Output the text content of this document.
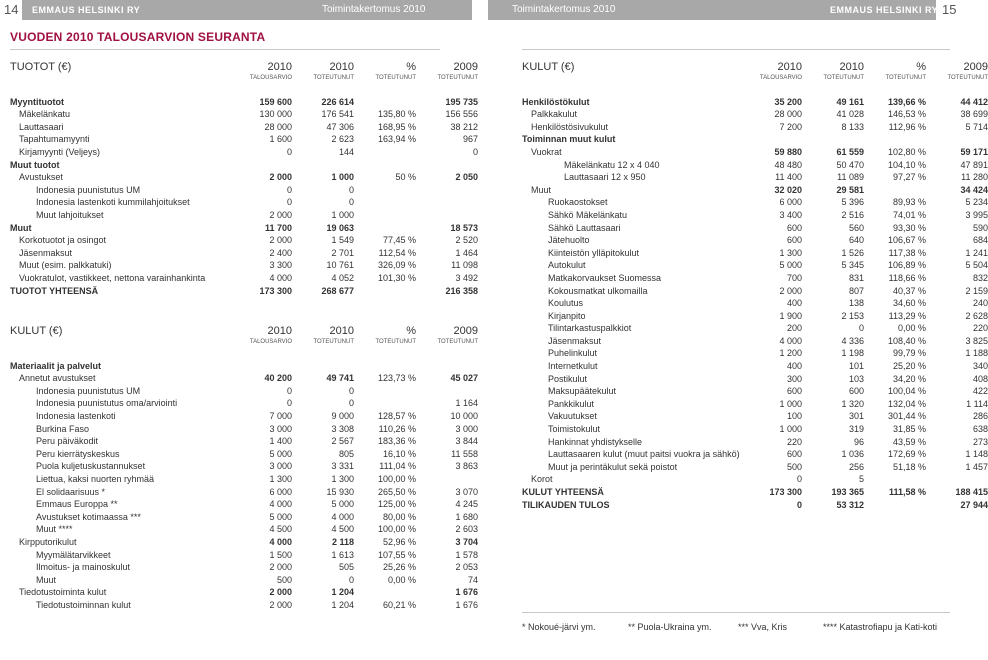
14 EMMAUS HELSINKI RY	Toimintakertomus 2010	Toimintakertomus 2010	EMMAUS HELSINKI RY 15
VUODEN 2010 TALOUSARVION SEURANTA
TUOTOT (€)	2010	2010	%	2009
	TALOUSARVIO	TOTEUTUNUT	TOTEUTUNUT	TOTEUTUNUT

Myyntituotot	159 600	226 614		195 735
Mäkelänkatu	130 000	176 541	135,80 %	156 556
Lauttasaari	28 000	47 306	168,95 %	38 212
Tapahtumamyynti	1 600	2 623	163,94 %	967
Kirjamyynti (Veljeys)	0	144		0
Muut tuotot				
Avustukset	2 000	1 000	50 %	2 050
Indonesia puunistutus UM	0	0		
Indonesia lastenkoti kummilahjoitukset	0	0		
Muut lahjoitukset	2 000	1 000		
Muut	11 700	19 063		18 573
Korkotuotot ja osingot	2 000	1 549	77,45 %	2 520
Jäsenmaksut	2 400	2 701	112,54 %	1 464
Muut (esim. palkkatuki)	3 300	10 761	326,09 %	11 098
Vuokratulot, vastikkeet, nettona varainhankinta	4 000	4 052	101,30 %	3 492
TUOTOT YHTEENSÄ	173 300	268 677		216 358
KULUT (€)	2010	2010	%	2009
	TALOUSARVIO	TOTEUTUNUT	TOTEUTUNUT	TOTEUTUNUT

Materiaalit ja palvelut				
Annetut avustukset	40 200	49 741	123,73 %	45 027
Indonesia puunistutus UM	0	0		
Indonesia puunistutus oma/arviointi	0	0		1 164
Indonesia lastenkoti	7 000	9 000	128,57 %	10 000
Burkina Faso	3 000	3 308	110,26 %	3 000
Peru päiväkodit	1 400	2 567	183,36 %	3 844
Peru kierrätyskeskus	5 000	805	16,10 %	11 558
Puola kuljetuskustannukset	3 000	3 331	111,04 %	3 863
Liettua, kaksi nuorten ryhmää	1 300	1 300	100,00 %	
El solidaarisuus *	6 000	15 930	265,50 %	3 070
Emmaus Europpa **	4 000	5 000	125,00 %	4 245
Avustukset kotimaassa ***	5 000	4 000	80,00 %	1 680
Muut ****	4 500	4 500	100,00 %	2 603
Kirpputorikulut	4 000	2 118	52,96 %	3 704
Myymälätarvikkeet	1 500	1 613	107,55 %	1 578
Ilmoitus- ja mainoskulut	2 000	505	25,26 %	2 053
Muut	500	0	0,00 %	74
Tiedotustoiminta kulut	2 000	1 204		1 676
Tiedotustoiminnan kulut	2 000	1 204	60,21 %	1 676
KULUT (€)	2010	2010	%	2009
	TALOUSARVIO	TOTEUTUNUT	TOTEUTUNUT	TOTEUTUNUT

Henkilöstökulut	35 200	49 161	139,66 %	44 412
Palkkakulut	28 000	41 028	146,53 %	38 699
Henkilöstösivukulut	7 200	8 133	112,96 %	5 714
Toiminnan muut kulut				
Vuokrat	59 880	61 559	102,80 %	59 171
Mäkelänkatu 12 x 4 040	48 480	50 470	104,10 %	47 891
Lauttasaari 12 x 950	11 400	11 089	97,27 %	11 280
Muut	32 020	29 581		34 424
Ruokaostokset	6 000	5 396	89,93 %	5 234
Sähkö Mäkelänkatu	3 400	2 516	74,01 %	3 995
Sähkö Lauttasaari	600	560	93,30 %	590
Jätehuolto	600	640	106,67 %	684
Kiinteistön ylläpitokulut	1 300	1 526	117,38 %	1 241
Autokulut	5 000	5 345	106,89 %	5 504
Matkakorvaukset Suomessa	700	831	118,66 %	832
Kokousmatkat ulkomailla	2 000	807	40,37 %	2 159
Koulutus	400	138	34,60 %	240
Kirjanpito	1 900	2 153	113,29 %	2 628
Tilintarkastuspalkkiot	200	0	0,00 %	220
Jäsenmaksut	4 000	4 336	108,40 %	3 825
Puhelinkulut	1 200	1 198	99,79 %	1 188
Internetkulut	400	101	25,20 %	340
Postikulut	300	103	34,20 %	408
Maksupäätekulut	600	600	100,04 %	422
Pankkikulut	1 000	1 320	132,04 %	1 114
Vakuutukset	100	301	301,44 %	286
Toimistokulut	1 000	319	31,85 %	638
Hankinnat yhdistykselle	220	96	43,59 %	273
Lauttasaaren kulut (muut paitsi vuokra ja sähkö)	600	1 036	172,69 %	1 148
Muut ja perintäkulut sekä poistot	500	256	51,18 %	1 457
Korot	0	5		
KULUT YHTEENSÄ	173 300	193 365	111,58 %	188 415
TILIKAUDEN TULOS	0	53 312		27 944
* Nokoué-järvi ym.	** Puola-Ukraina ym.	*** Vva, Kris	**** Katastrofiapu ja Kati-koti
